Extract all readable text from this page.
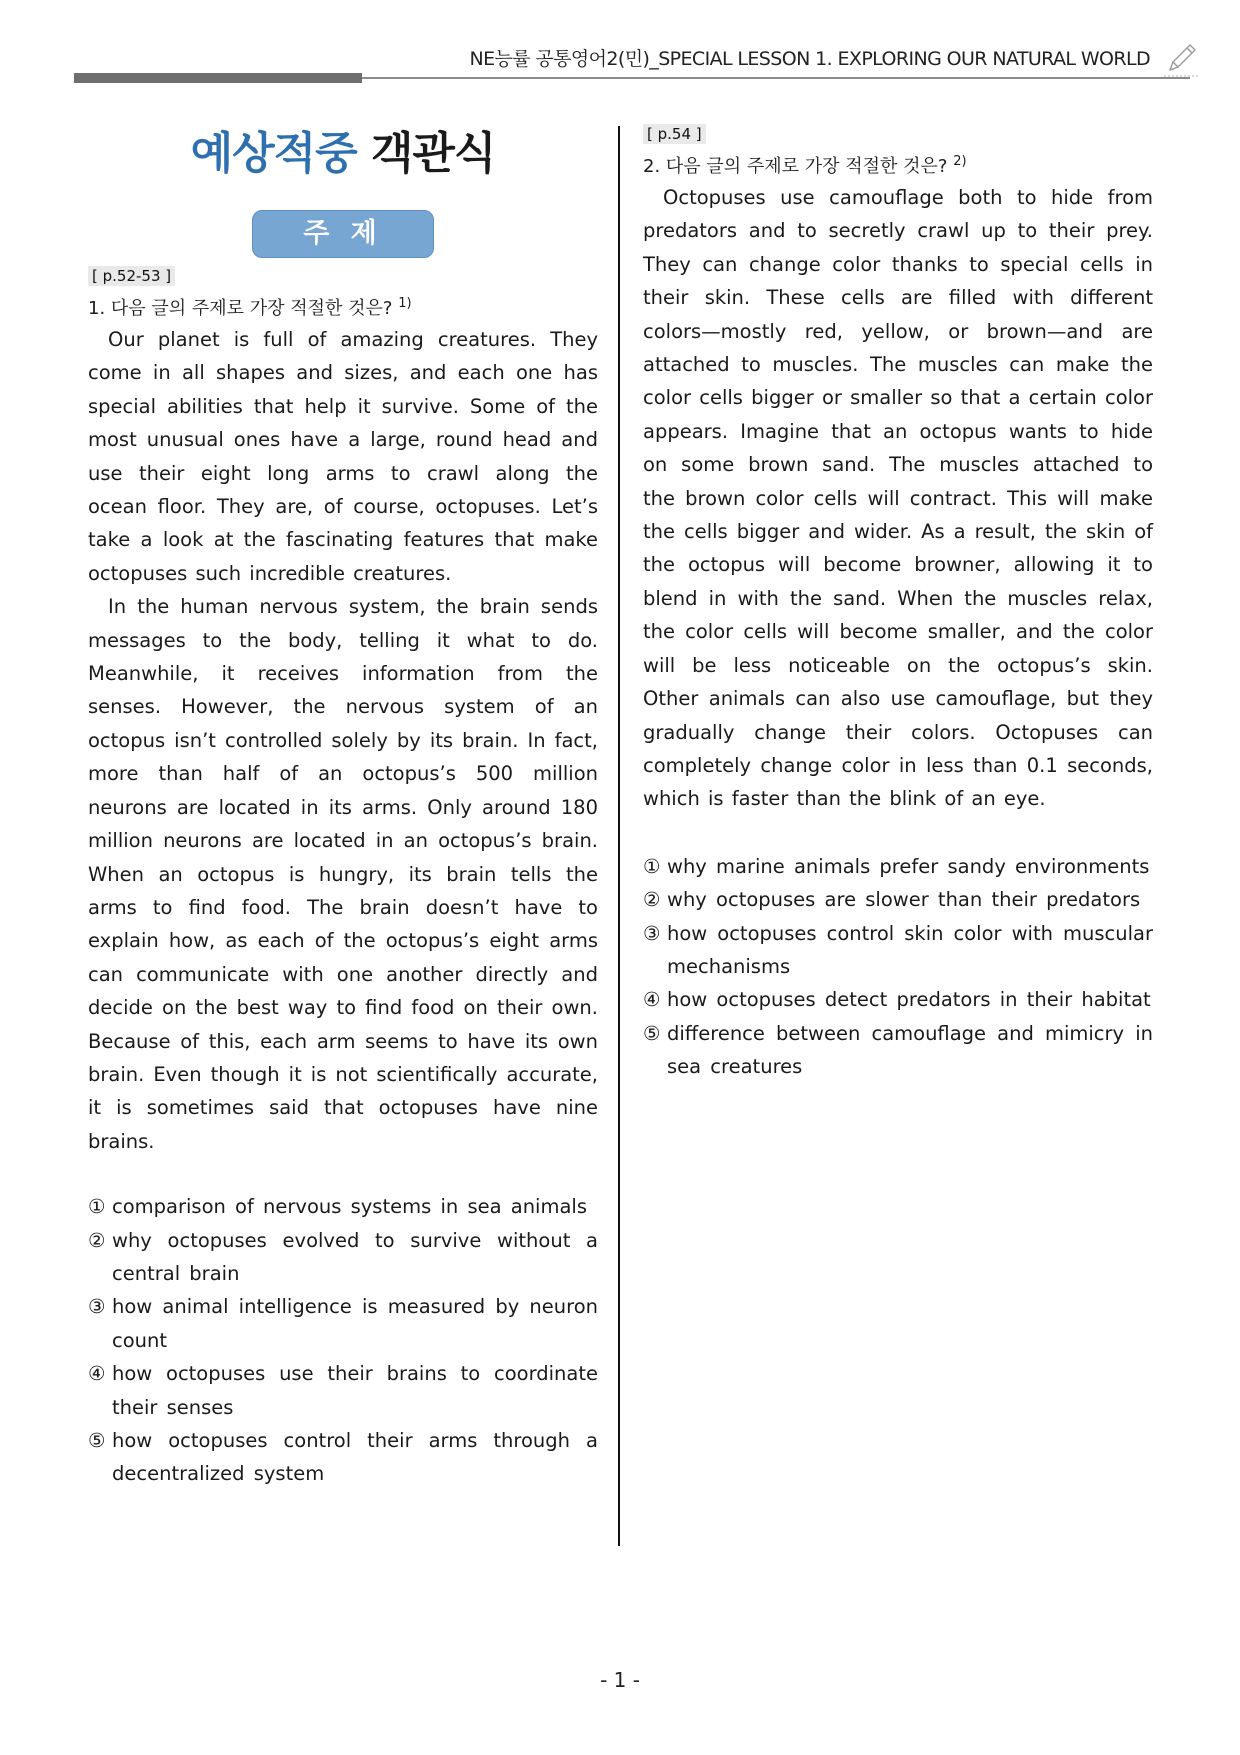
NE능률 공통영어2(민)_SPECIAL LESSON 1. EXPLORING OUR NATURAL WORLD
예상적중 객관식
주 제
[ p.52-53 ]
1. 다음 글의 주제로 가장 적절한 것은? $^{1)}$

Our planet is full of amazing creatures. They come in all shapes and sizes, and each one has special abilities that help it survive. Some of the most unusual ones have a large, round head and use their eight long arms to crawl along the ocean floor. They are, of course, octopuses. Let’s take a look at the fascinating features that make octopuses such incredible creatures.

In the human nervous system, the brain sends messages to the body, telling it what to do. Meanwhile, it receives information from the senses. However, the nervous system of an octopus isn’t controlled solely by its brain. In fact, more than half of an octopus’s 500 million neurons are located in its arms. Only around 180 million neurons are located in an octopus’s brain. When an octopus is hungry, its brain tells the arms to find food. The brain doesn’t have to explain how, as each of the octopus’s eight arms can communicate with one another directly and decide on the best way to find food on their own. Because of this, each arm seems to have its own brain. Even though it is not scientifically accurate, it is sometimes said that octopuses have nine brains.

① comparison of nervous systems in sea animals
② why octopuses evolved to survive without a central brain
③ how animal intelligence is measured by neuron count
④ how octopuses use their brains to coordinate their senses
⑤ how octopuses control their arms through a decentralized system
[ p.54 ]
2. 다음 글의 주제로 가장 적절한 것은? $^{2)}$

Octopuses use camouflage both to hide from predators and to secretly crawl up to their prey. They can change color thanks to special cells in their skin. These cells are filled with different colors—mostly red, yellow, or brown—and are attached to muscles. The muscles can make the color cells bigger or smaller so that a certain color appears. Imagine that an octopus wants to hide on some brown sand. The muscles attached to the brown color cells will contract. This will make the cells bigger and wider. As a result, the skin of the octopus will become browner, allowing it to blend in with the sand. When the muscles relax, the color cells will become smaller, and the color will be less noticeable on the octopus’s skin. Other animals can also use camouflage, but they gradually change their colors. Octopuses can completely change color in less than 0.1 seconds, which is faster than the blink of an eye.

① why marine animals prefer sandy environments
② why octopuses are slower than their predators
③ how octopuses control skin color with muscular mechanisms
④ how octopuses detect predators in their habitat
⑤ difference between camouflage and mimicry in sea creatures
- 1 -
